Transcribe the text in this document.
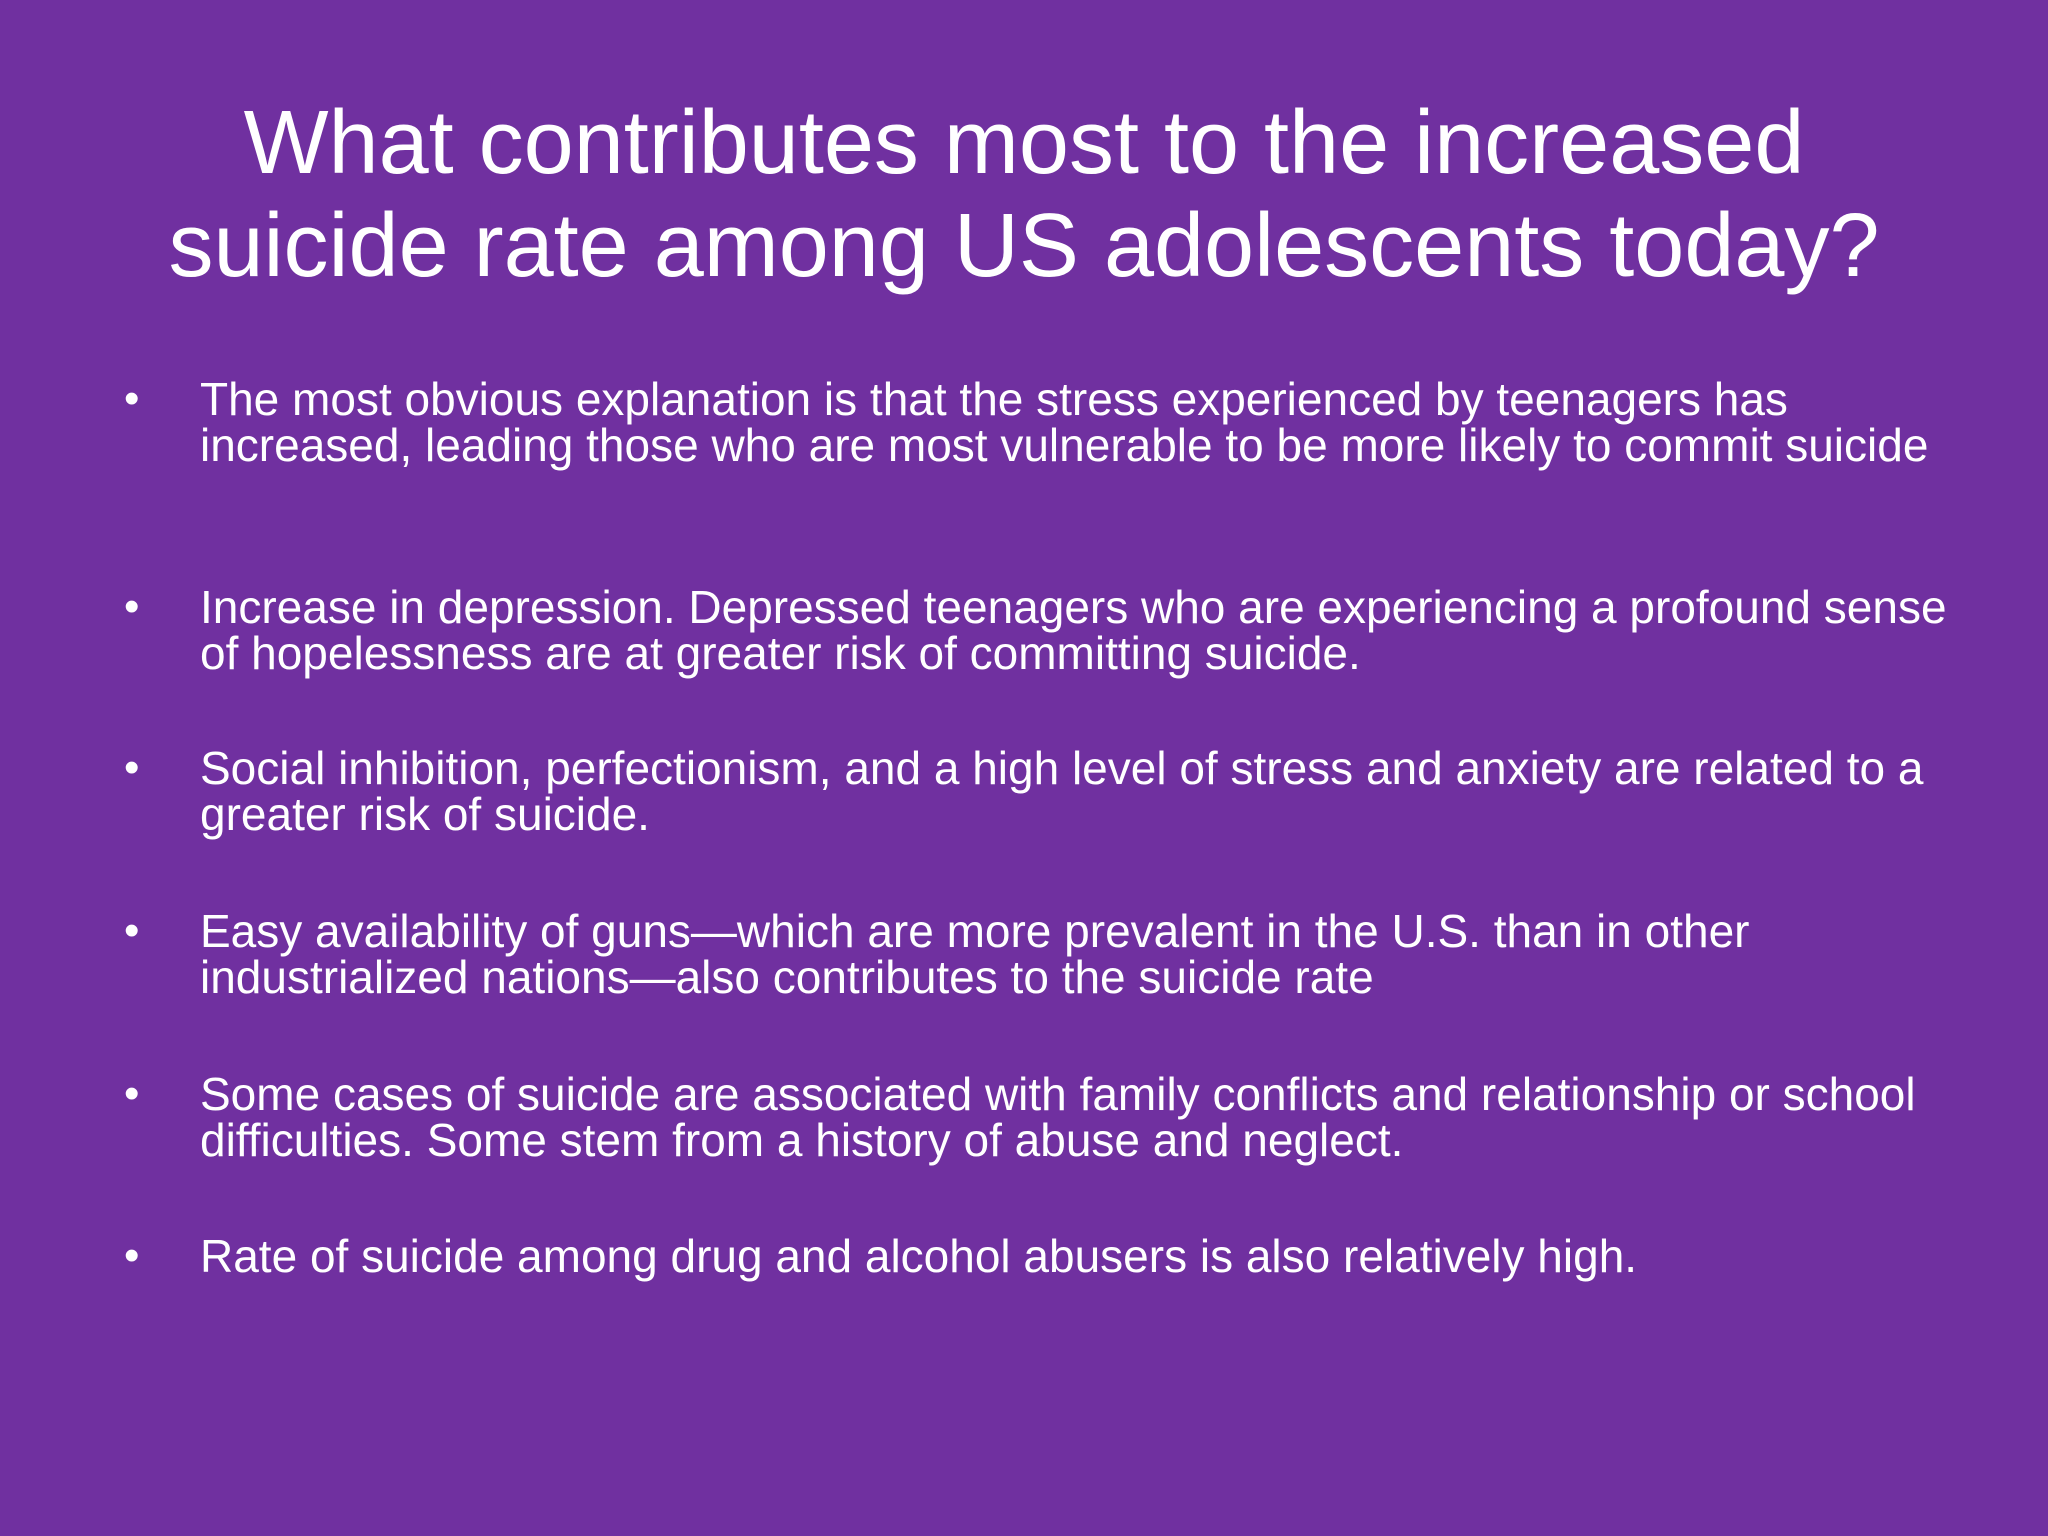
What contributes most to the increased
suicide rate among US adolescents today?
• The most obvious explanation is that the stress experienced by teenagers has increased, leading those who are most vulnerable to be more likely to commit suicide
• Increase in depression. Depressed teenagers who are experiencing a profound sense of hopelessness are at greater risk of committing suicide.
• Social inhibition, perfectionism, and a high level of stress and anxiety are related to a greater risk of suicide.
• Easy availability of guns—which are more prevalent in the U.S. than in other industrialized nations—also contributes to the suicide rate
• Some cases of suicide are associated with family conflicts and relationship or school difficulties. Some stem from a history of abuse and neglect.
• Rate of suicide among drug and alcohol abusers is also relatively high.
